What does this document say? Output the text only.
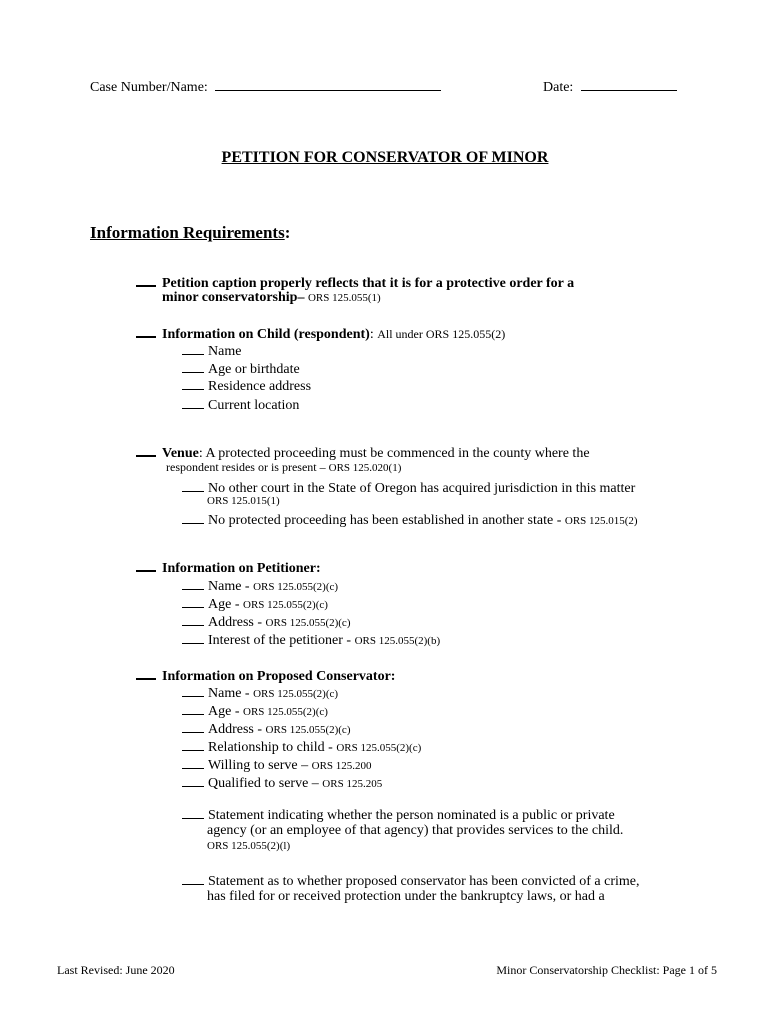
Case Number/Name:	Date:
PETITION FOR CONSERVATOR OF MINOR
Information Requirements:
Petition caption properly reflects that it is for a protective order for a
minor conservatorship– ORS 125.055(1)
Information on Child (respondent): All under ORS 125.055(2)
Name
Age or birthdate
Residence address
Current location
Venue: A protected proceeding must be commenced in the county where the
respondent resides or is present – ORS 125.020(1)
No other court in the State of Oregon has acquired jurisdiction in this matter
ORS 125.015(1)
No protected proceeding has been established in another state - ORS 125.015(2)
Information on Petitioner:
Name - ORS 125.055(2)(c)
Age - ORS 125.055(2)(c)
Address - ORS 125.055(2)(c)
Interest of the petitioner - ORS 125.055(2)(b)
Information on Proposed Conservator:
Name - ORS 125.055(2)(c)
Age - ORS 125.055(2)(c)
Address - ORS 125.055(2)(c)
Relationship to child - ORS 125.055(2)(c)
Willing to serve – ORS 125.200
Qualified to serve – ORS 125.205
Statement indicating whether the person nominated is a public or private
agency (or an employee of that agency) that provides services to the child.
ORS 125.055(2)(l)
Statement as to whether proposed conservator has been convicted of a crime,
has filed for or received protection under the bankruptcy laws, or had a
Last Revised: June 2020	Minor Conservatorship Checklist: Page 1 of 5
